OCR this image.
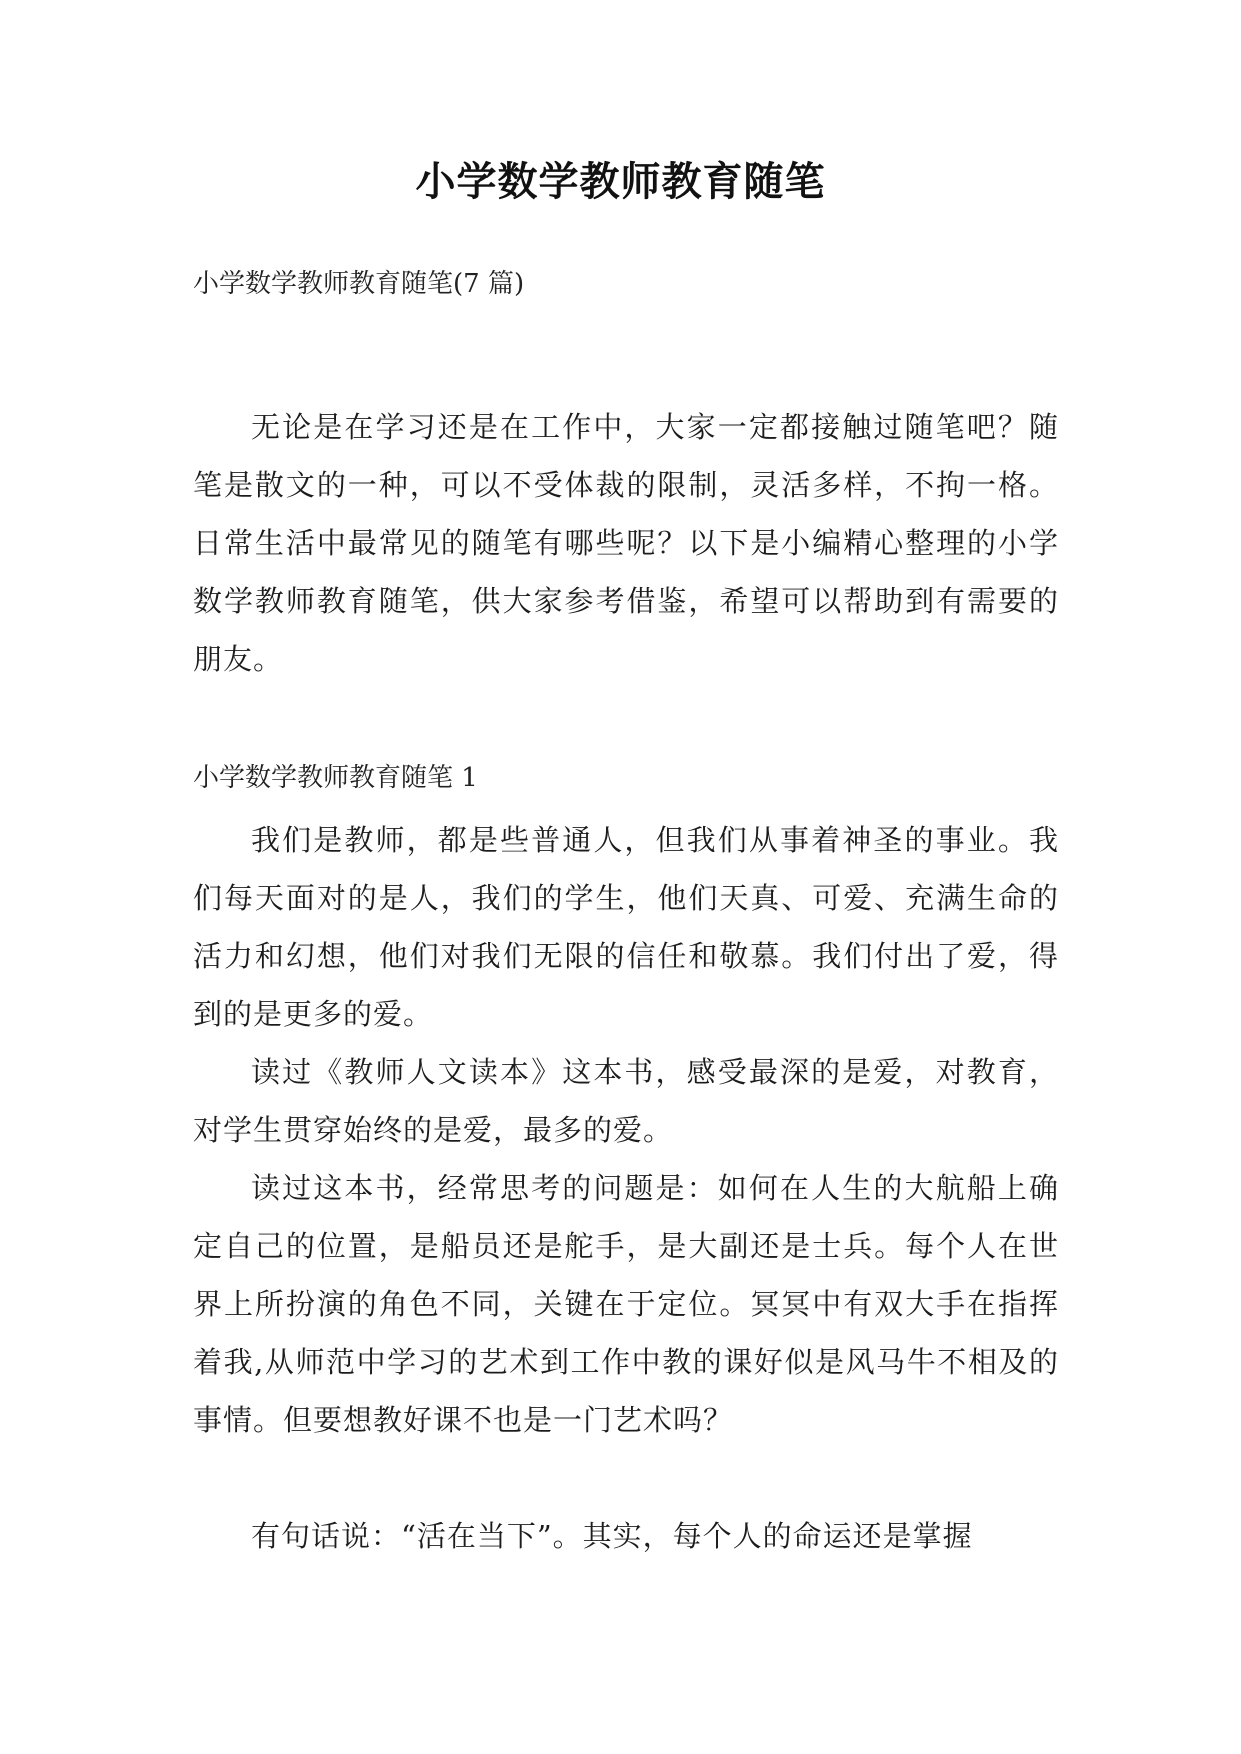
小学数学教师教育随笔
小学数学教师教育随笔(7 篇)

无论是在学习还是在工作中，大家一定都接触过随笔吧？随笔是散文的一种，可以不受体裁的限制，灵活多样，不拘一格。日常生活中最常见的随笔有哪些呢？以下是小编精心整理的小学数学教师教育随笔，供大家参考借鉴，希望可以帮助到有需要的朋友。

小学数学教师教育随笔 1

我们是教师，都是些普通人，但我们从事着神圣的事业。我们每天面对的是人，我们的学生，他们天真、可爱、充满生命的活力和幻想，他们对我们无限的信任和敬慕。我们付出了爱，得到的是更多的爱。

读过《教师人文读本》这本书，感受最深的是爱，对教育，对学生贯穿始终的是爱，最多的爱。

读过这本书，经常思考的问题是：如何在人生的大航船上确定自己的位置，是船员还是舵手，是大副还是士兵。每个人在世界上所扮演的角色不同，关键在于定位。冥冥中有双大手在指挥着我,从师范中学习的艺术到工作中教的课好似是风马牛不相及的事情。但要想教好课不也是一门艺术吗？

有句话说：“活在当下”。其实，每个人的命运还是掌握
